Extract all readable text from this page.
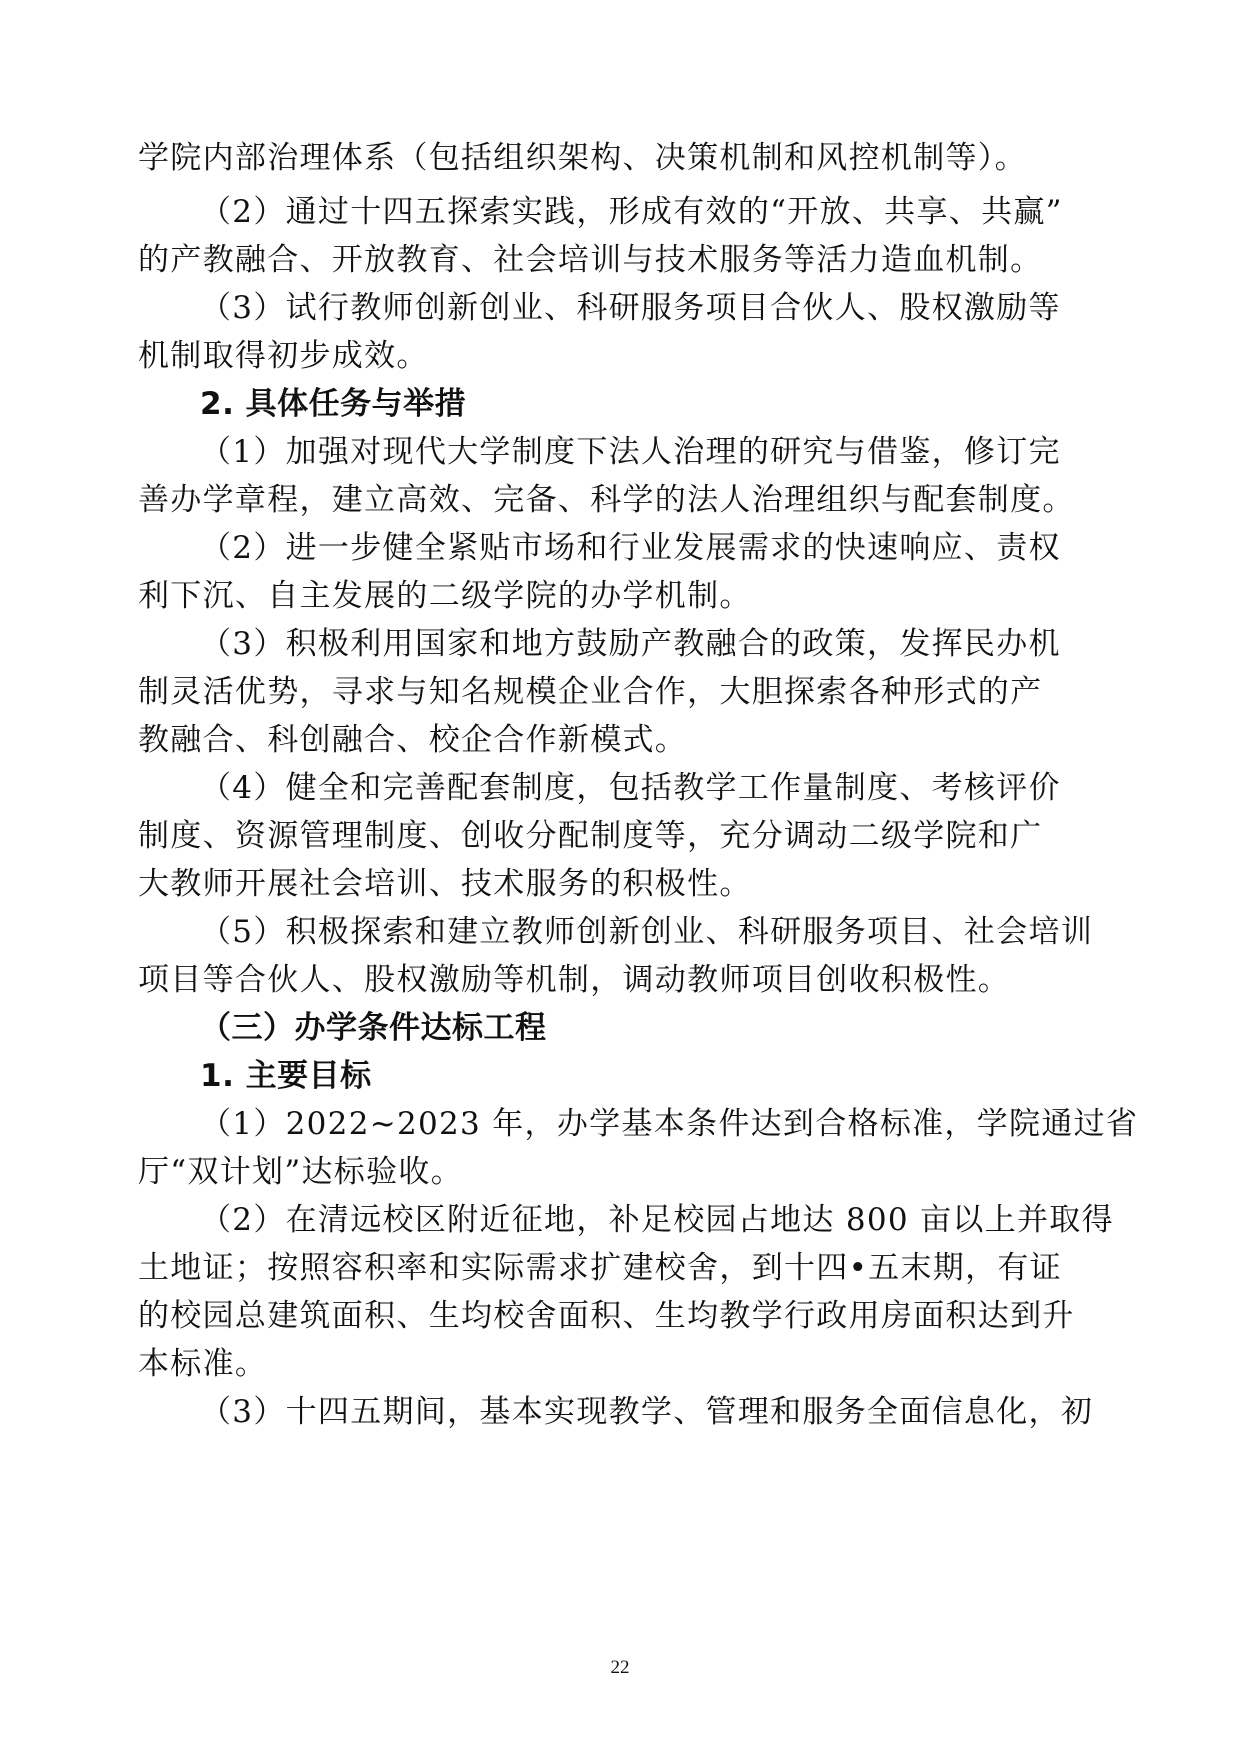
学院内部治理体系（包括组织架构、决策机制和风控机制等）。
（2）通过十四五探索实践，形成有效的“开放、共享、共赢”
的产教融合、开放教育、社会培训与技术服务等活力造血机制。
（3）试行教师创新创业、科研服务项目合伙人、股权激励等
机制取得初步成效。
2. 具体任务与举措
（1）加强对现代大学制度下法人治理的研究与借鉴，修订完
善办学章程，建立高效、完备、科学的法人治理组织与配套制度。
（2）进一步健全紧贴市场和行业发展需求的快速响应、责权
利下沉、自主发展的二级学院的办学机制。
（3）积极利用国家和地方鼓励产教融合的政策，发挥民办机
制灵活优势，寻求与知名规模企业合作，大胆探索各种形式的产
教融合、科创融合、校企合作新模式。
（4）健全和完善配套制度，包括教学工作量制度、考核评价
制度、资源管理制度、创收分配制度等，充分调动二级学院和广
大教师开展社会培训、技术服务的积极性。
（5）积极探索和建立教师创新创业、科研服务项目、社会培训
项目等合伙人、股权激励等机制，调动教师项目创收积极性。
（三）办学条件达标工程
1. 主要目标
（1）2022~2023 年，办学基本条件达到合格标准，学院通过省
厅“双计划”达标验收。
（2）在清远校区附近征地，补足校园占地达 800 亩以上并取得
土地证；按照容积率和实际需求扩建校舍，到十四•五末期，有证
的校园总建筑面积、生均校舍面积、生均教学行政用房面积达到升
本标准。
（3）十四五期间，基本实现教学、管理和服务全面信息化，初
22
